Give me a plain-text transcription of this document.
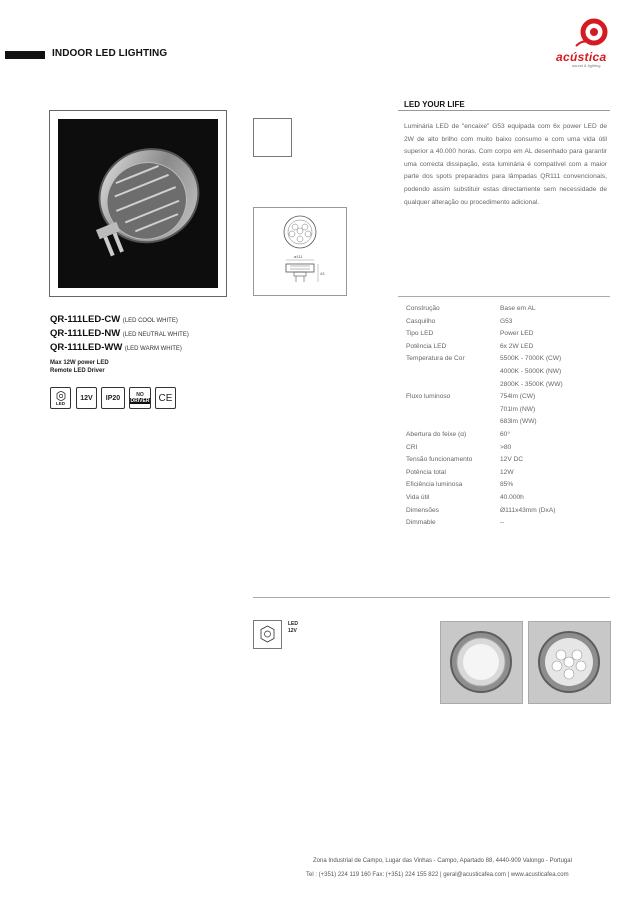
INDOOR LED LIGHTING	acústica
sound & lighting
QR-111LED-CW (LED COOL WHITE)
QR-111LED-NW (LED NEUTRAL WHITE)
QR-111LED-WW (LED WARM WHITE)
Max 12W power LED
Remote LED Driver
LED
12V	IP20	NO
DRIVER CE
ø111
43
LED YOUR LIFE
Luminária LED de "encaixe" G53 equipada com 6x power LED de 2W de alto brilho com muito baixo consumo e com uma vida útil superior a 40.000 horas. Com corpo em AL desenhado para garantir uma correcta dissipação, esta luminária é compatível com a maior parte dos spots preparados para lâmpadas QR111 convencionais, podendo assim substituir estas directamente sem necessidade de qualquer alteração ou procedimento adicional.
Construção	Base em AL
Casquilho	G53
Tipo LED	Power LED
Potência LED	6x 2W LED
Temperatura de Cor	5500K - 7000K (CW)
4000K - 5000K (NW)
2800K - 3500K (WW)
Fluxo luminoso	754lm (CW)
701lm (NW)
683lm (WW)
Abertura do feixe (α)	60°
CRI	>80
Tensão funcionamento	12V DC
Potência total	12W
Eficiência luminosa	85%
Vida útil	40.000h
Dimensões	Ø111x43mm (DxA)
Dimmable	--
LED
12V
Zona Industrial de Campo, Lugar das Vinhas - Campo, Apartado 88, 4440-909 Valongo - Portugal
Tel : (+351) 224 119 160 Fax: (+351) 224 155 822 | geral@acusticafea.com | www.acusticafea.com
